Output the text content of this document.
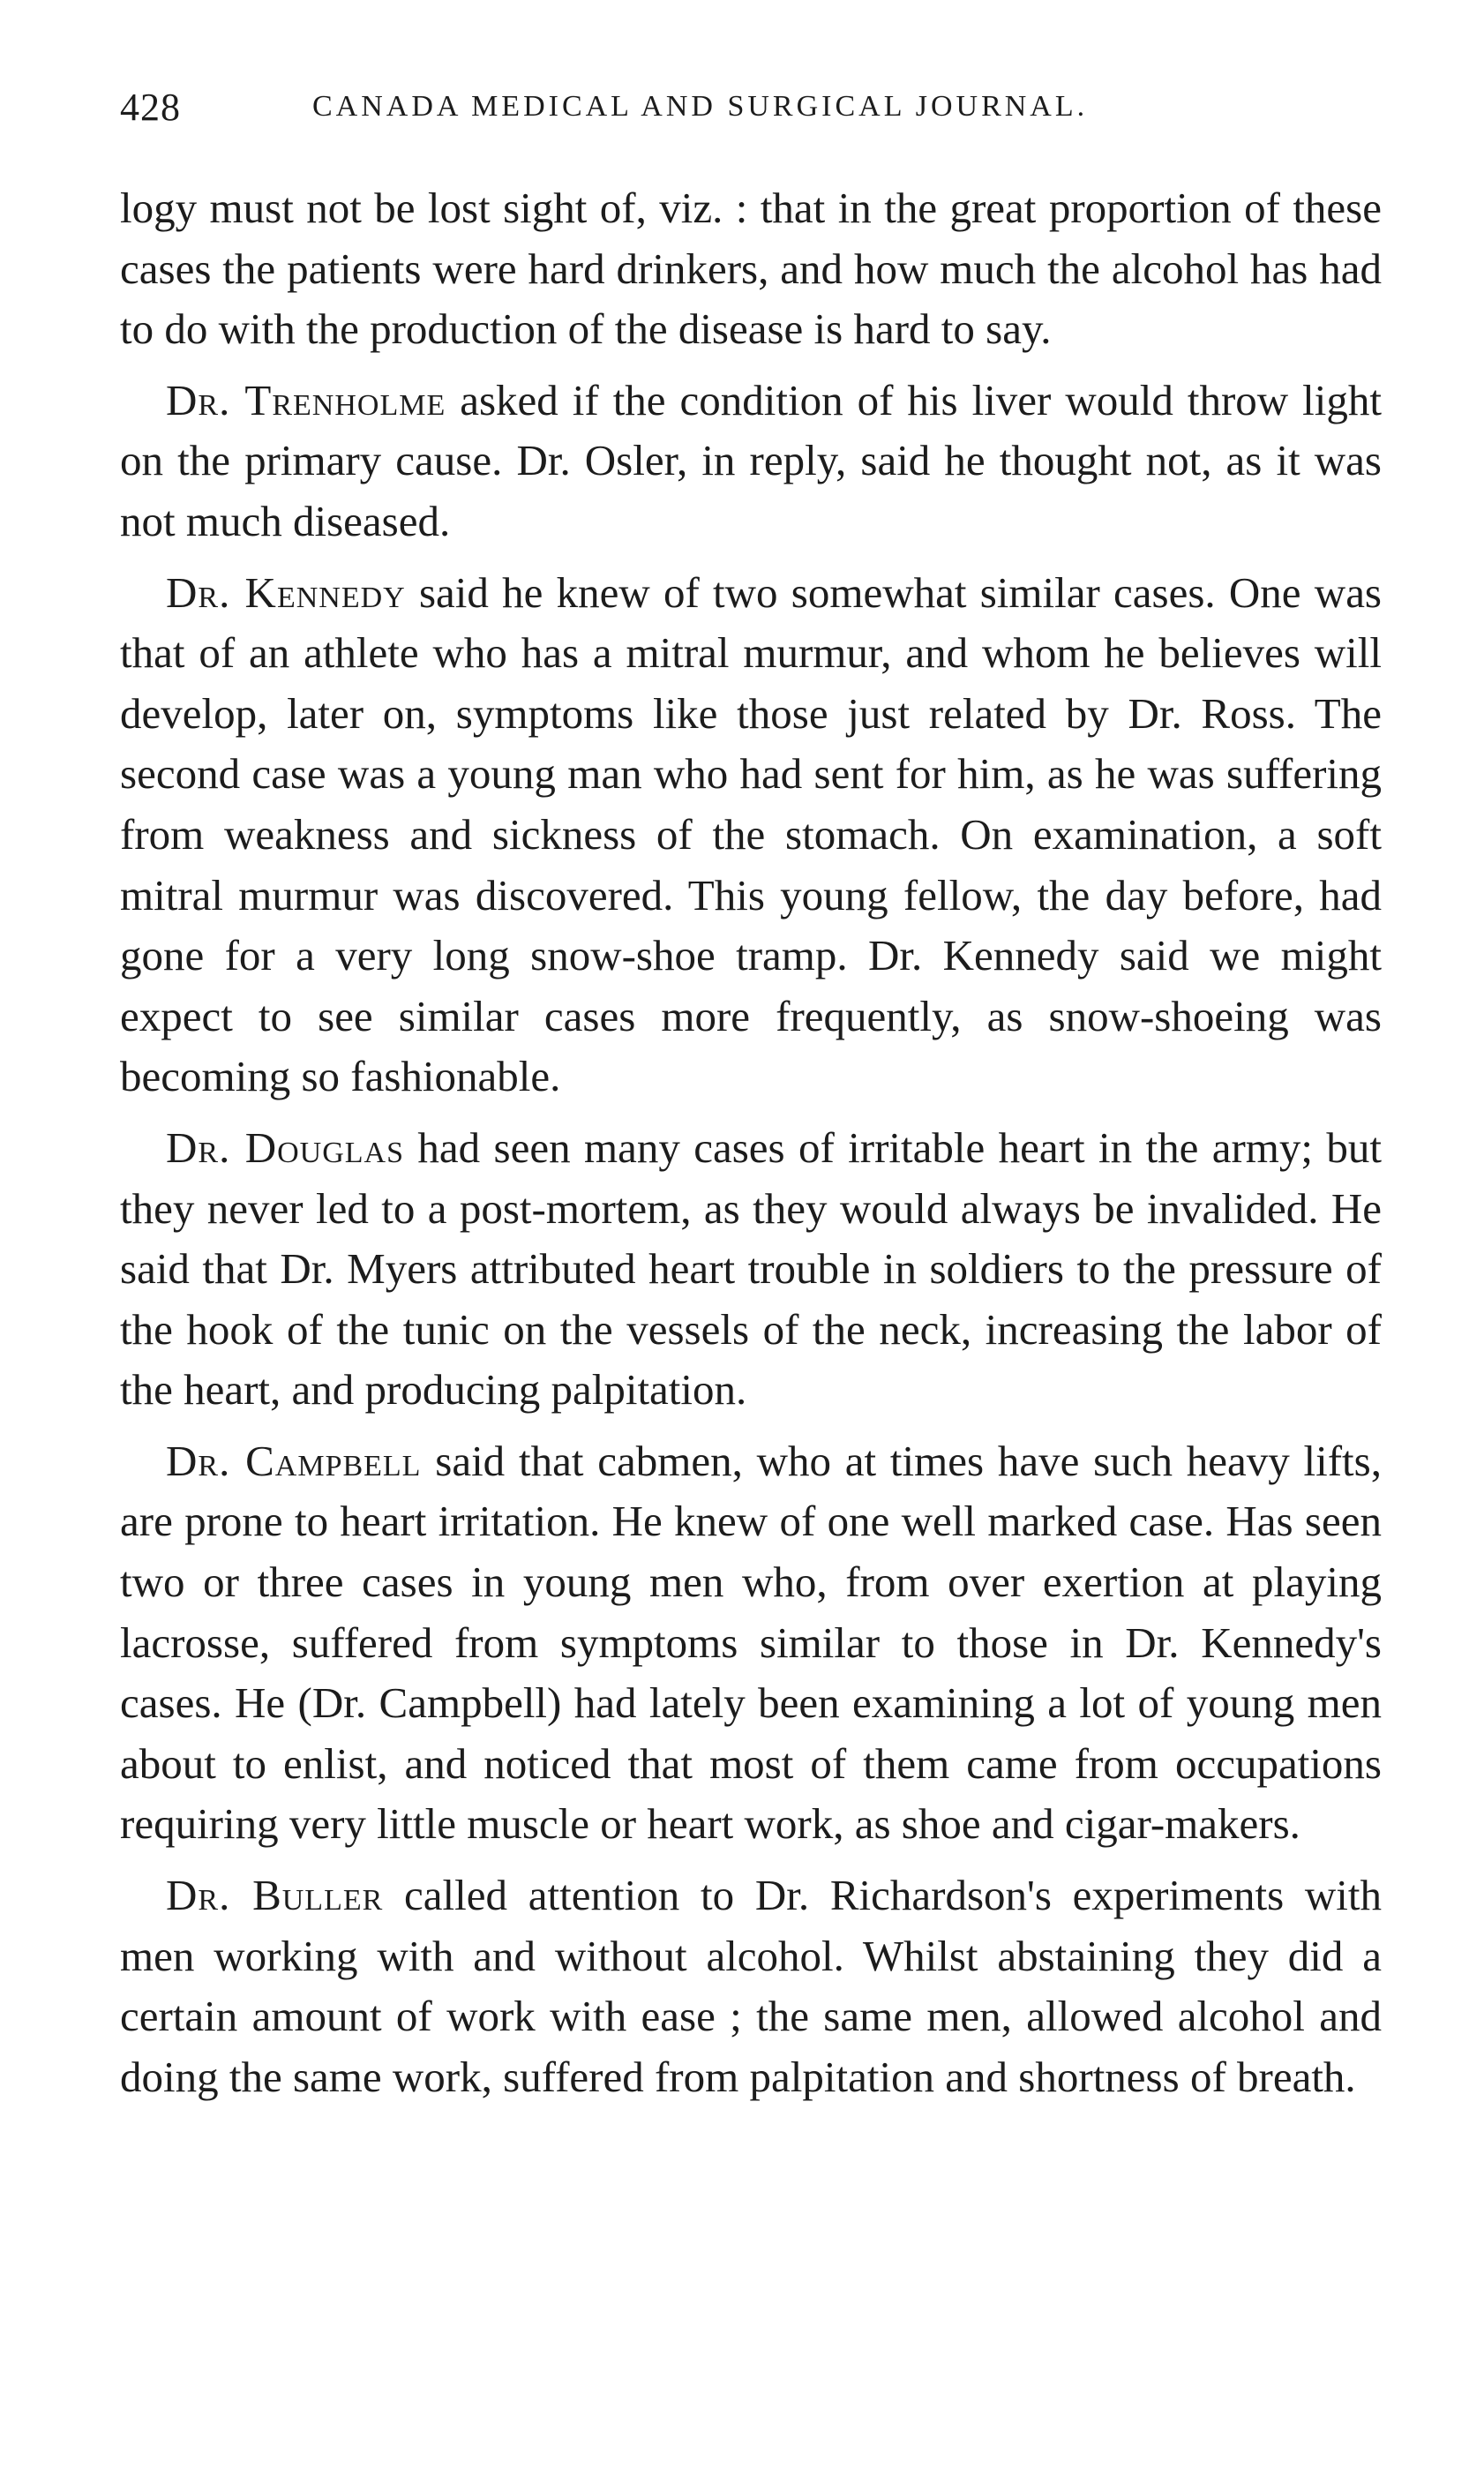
428	CANADA MEDICAL AND SURGICAL JOURNAL.

logy must not be lost sight of, viz. : that in the great proportion of these cases the patients were hard drinkers, and how much the alcohol has had to do with the production of the disease is hard to say.

Dr. Trenholme asked if the condition of his liver would throw light on the primary cause. Dr. Osler, in reply, said he thought not, as it was not much diseased.

Dr. Kennedy said he knew of two somewhat similar cases. One was that of an athlete who has a mitral murmur, and whom he believes will develop, later on, symptoms like those just related by Dr. Ross. The second case was a young man who had sent for him, as he was suffering from weakness and sickness of the stomach. On examination, a soft mitral murmur was discovered. This young fellow, the day before, had gone for a very long snow-shoe tramp. Dr. Kennedy said we might expect to see similar cases more frequently, as snow-shoeing was becoming so fashionable.

Dr. Douglas had seen many cases of irritable heart in the army; but they never led to a post-mortem, as they would always be invalided. He said that Dr. Myers attributed heart trouble in soldiers to the pressure of the hook of the tunic on the vessels of the neck, increasing the labor of the heart, and producing palpitation.

Dr. Campbell said that cabmen, who at times have such heavy lifts, are prone to heart irritation. He knew of one well marked case. Has seen two or three cases in young men who, from over exertion at playing lacrosse, suffered from symptoms similar to those in Dr. Kennedy's cases. He (Dr. Campbell) had lately been examining a lot of young men about to enlist, and noticed that most of them came from occupations requiring very little muscle or heart work, as shoe and cigar-makers.

Dr. Buller called attention to Dr. Richardson's experiments with men working with and without alcohol. Whilst abstaining they did a certain amount of work with ease ; the same men, allowed alcohol and doing the same work, suffered from palpitation and shortness of breath.
